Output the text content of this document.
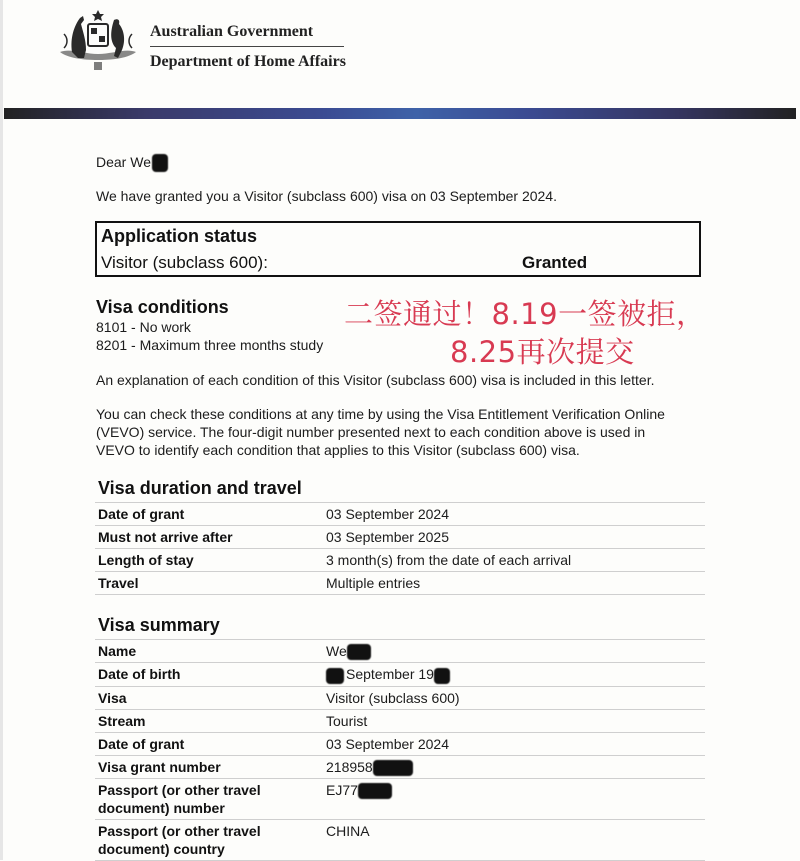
Australian Government
Department of Home Affairs
Dear We
We have granted you a Visitor (subclass 600) visa on 03 September 2024.
Application status
Visitor (subclass 600):	Granted
Visa conditions
8101 - No work
8201 - Maximum three months study
二签通过！8.19一签被拒，
8.25再次提交
An explanation of each condition of this Visitor (subclass 600) visa is included in this letter.
You can check these conditions at any time by using the Visa Entitlement Verification Online
(VEVO) service. The four-digit number presented next to each condition above is used in
VEVO to identify each condition that applies to this Visitor (subclass 600) visa.
Visa duration and travel
Date of grant	03 September 2024
Must not arrive after	03 September 2025
Length of stay	3 month(s) from the date of each arrival
Travel	Multiple entries
Visa summary
Name	We
Date of birth	September 19
Visa	Visitor (subclass 600)
Stream	Tourist
Date of grant	03 September 2024
Visa grant number	218958
Passport (or other travel document) number	EJ77
Passport (or other travel document) country	CHINA
